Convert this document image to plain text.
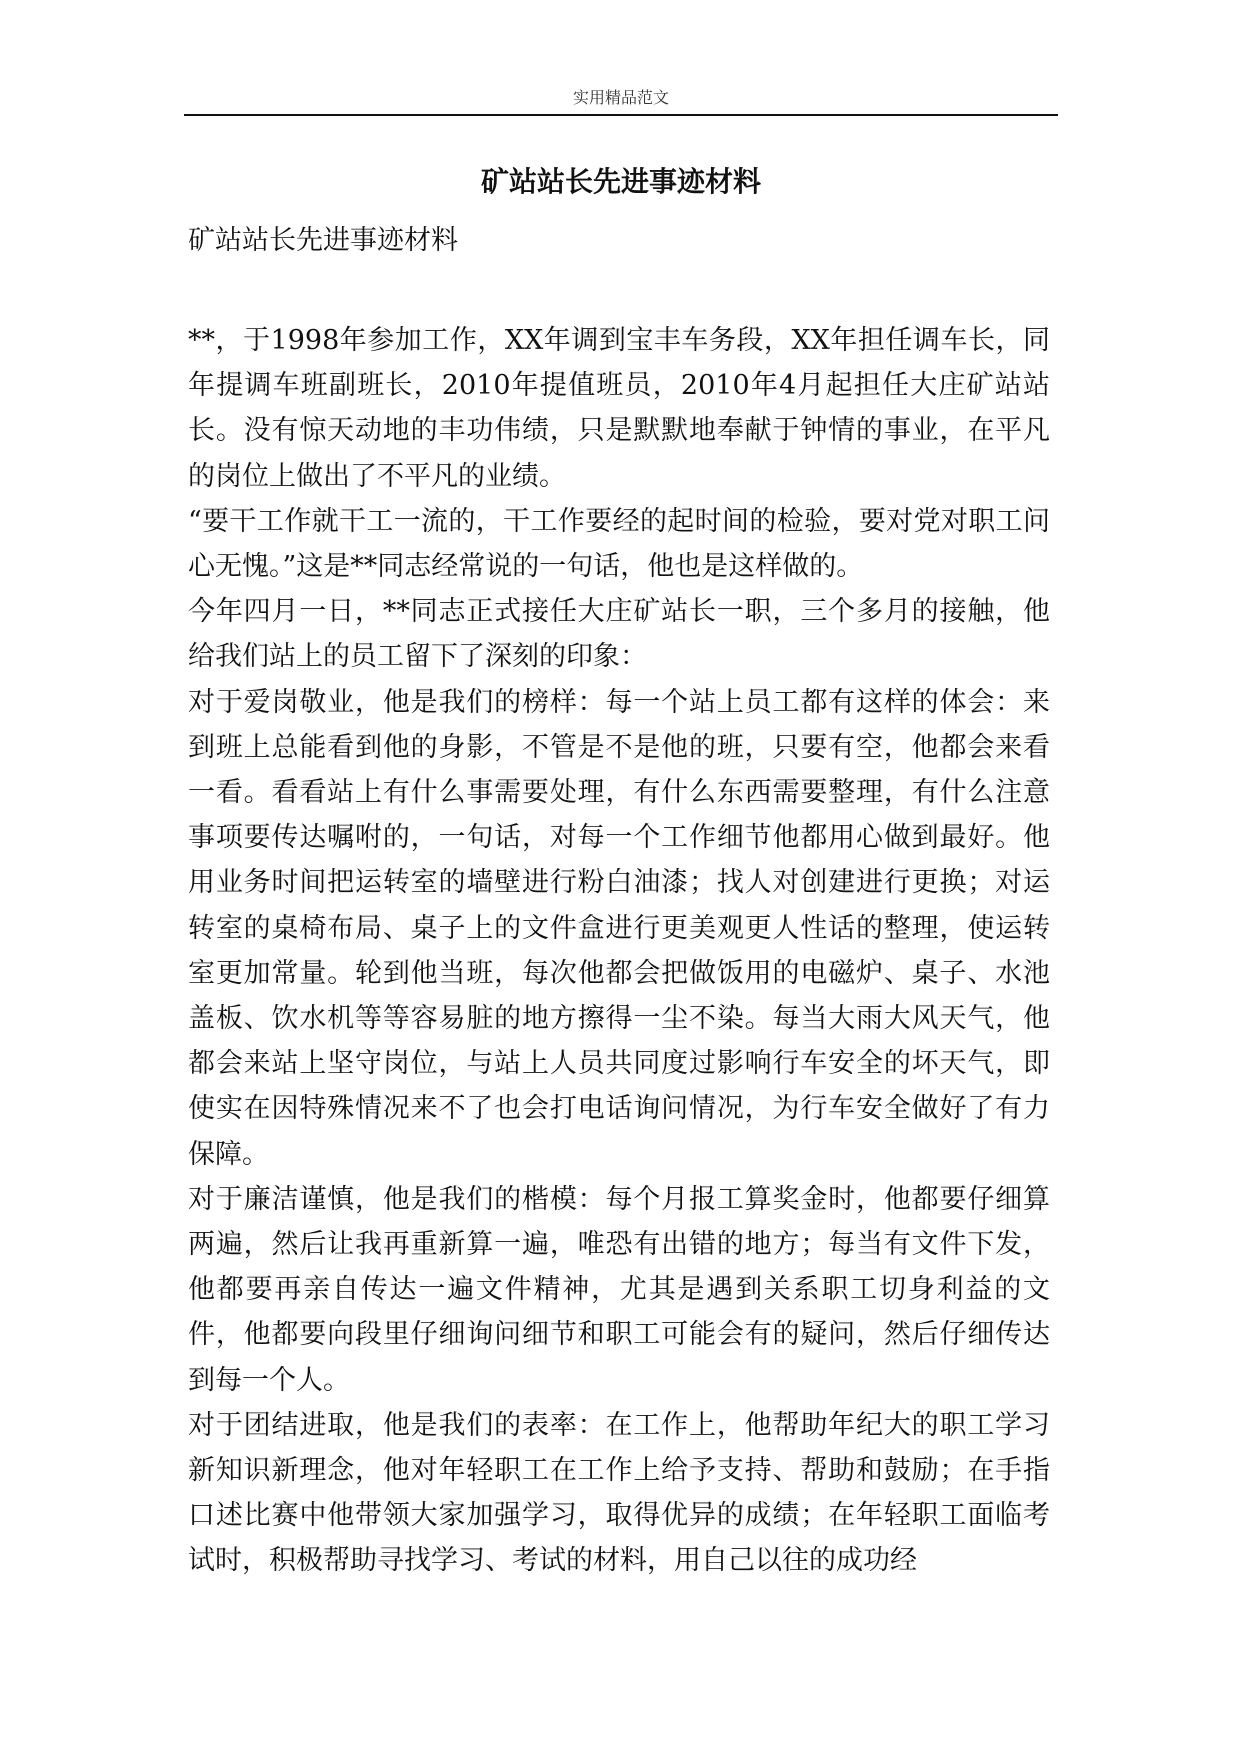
实用精品范文
矿站站长先进事迹材料
矿站站长先进事迹材料

**，于1998年参加工作，XX年调到宝丰车务段，XX年担任调车长，同年提调车班副班长，2010年提值班员，2010年4月起担任大庄矿站站长。没有惊天动地的丰功伟绩，只是默默地奉献于钟情的事业，在平凡的岗位上做出了不平凡的业绩。

“要干工作就干工一流的，干工作要经的起时间的检验，要对党对职工问心无愧。”这是**同志经常说的一句话，他也是这样做的。

今年四月一日，**同志正式接任大庄矿站长一职，三个多月的接触，他给我们站上的员工留下了深刻的印象：

对于爱岗敬业，他是我们的榜样：每一个站上员工都有这样的体会：来到班上总能看到他的身影，不管是不是他的班，只要有空，他都会来看一看。看看站上有什么事需要处理，有什么东西需要整理，有什么注意事项要传达嘱咐的，一句话，对每一个工作细节他都用心做到最好。他用业务时间把运转室的墙壁进行粉白油漆；找人对创建进行更换；对运转室的桌椅布局、桌子上的文件盒进行更美观更人性话的整理，使运转室更加常量。轮到他当班，每次他都会把做饭用的电磁炉、桌子、水池盖板、饮水机等等容易脏的地方擦得一尘不染。每当大雨大风天气，他都会来站上坚守岗位，与站上人员共同度过影响行车安全的坏天气，即使实在因特殊情况来不了也会打电话询问情况，为行车安全做好了有力保障。

对于廉洁谨慎，他是我们的楷模：每个月报工算奖金时，他都要仔细算两遍，然后让我再重新算一遍，唯恐有出错的地方；每当有文件下发，他都要再亲自传达一遍文件精神，尤其是遇到关系职工切身利益的文件，他都要向段里仔细询问细节和职工可能会有的疑问，然后仔细传达到每一个人。

对于团结进取，他是我们的表率：在工作上，他帮助年纪大的职工学习新知识新理念，他对年轻职工在工作上给予支持、帮助和鼓励；在手指口述比赛中他带领大家加强学习，取得优异的成绩；在年轻职工面临考试时，积极帮助寻找学习、考试的材料，用自己以往的成功经
